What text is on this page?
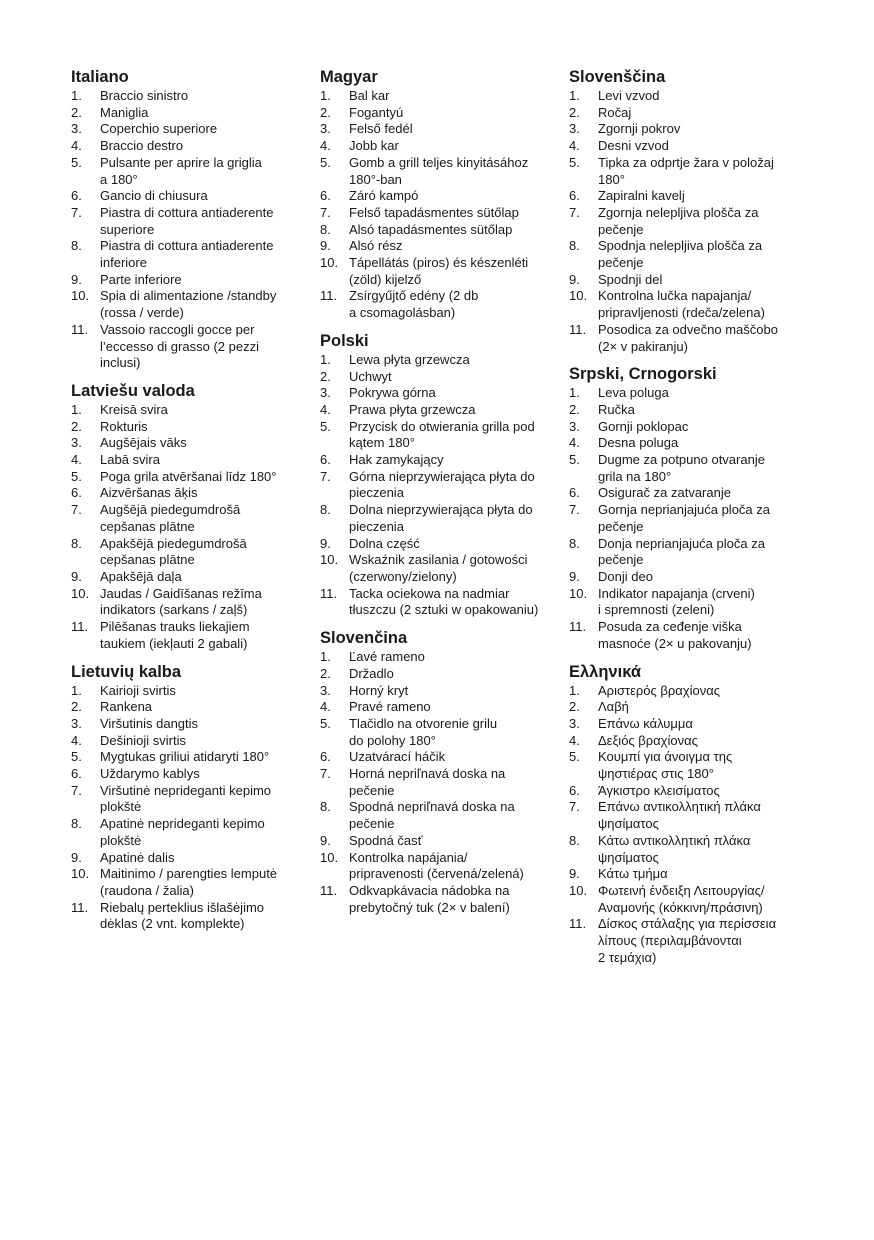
Italiano
1.	Braccio sinistro
2.	Maniglia
3.	Coperchio superiore
4.	Braccio destro
5.	Pulsante per aprire la griglia
a 180°
6.	Gancio di chiusura
7.	Piastra di cottura antiaderente
superiore
8.	Piastra di cottura antiaderente
inferiore
9.	Parte inferiore
10. Spia di alimentazione /standby
(rossa / verde)
11. Vassoio raccogli gocce per
l’eccesso di grasso (2 pezzi
inclusi)
Latviešu valoda
1.	Kreisā svira
2.	Rokturis
3.	Augšējais vāks
4.	Labā svira
5.	Poga grila atvēršanai līdz 180°
6.	Aizvēršanas āķis
7.	Augšējā piedegumdrošā
cepšanas plātne
8.	Apakšējā piedegumdrošā
cepšanas plātne
9.	Apakšējā daļa
10. Jaudas / Gaidīšanas režīma
indikators (sarkans / zaļš)
11. Pilēšanas trauks liekajiem
taukiem (iekļauti 2 gabali)
Lietuvių kalba
1.	Kairioji svirtis
2.	Rankena
3.	Viršutinis dangtis
4.	Dešinioji svirtis
5.	Mygtukas griliui atidaryti 180°
6.	Uždarymo kablys
7.	Viršutinė neprideganti kepimo
plokštė
8.	Apatinė neprideganti kepimo
plokštė
9.	Apatinė dalis
10. Maitinimo / parengties lemputė
(raudona / žalia)
11. Riebalų perteklius išlašėjimo
dėklas (2 vnt. komplekte)
Magyar
1.	Bal kar
2.	Fogantyú
3.	Felső fedél
4.	Jobb kar
5.	Gomb a grill teljes kinyitásához
180°-ban
6.	Záró kampó
7.	Felső tapadásmentes sütőlap
8.	Alsó tapadásmentes sütőlap
9.	Alsó rész
10. Tápellátás (piros) és készenléti
(zöld) kijelző
11. Zsírgyűjtő edény (2 db
a csomagolásban)
Polski
1.	Lewa płyta grzewcza
2.	Uchwyt
3.	Pokrywa górna
4.	Prawa płyta grzewcza
5.	Przycisk do otwierania grilla pod
kątem 180°
6.	Hak zamykający
7.	Górna nieprzywierająca płyta do
pieczenia
8.	Dolna nieprzywierająca płyta do
pieczenia
9.	Dolna część
10. Wskaźnik zasilania / gotowości
(czerwony/zielony)
11. Tacka ociekowa na nadmiar
tłuszczu (2 sztuki w opakowaniu)
Slovenčina
1.	Ľavé rameno
2.	Držadlo
3.	Horný kryt
4.	Pravé rameno
5.	Tlačidlo na otvorenie grilu
do polohy 180°
6.	Uzatvárací háčik
7.	Horná nepriľnavá doska na
pečenie
8.	Spodná nepriľnavá doska na
pečenie
9.	Spodná časť
10. Kontrolka napájania/
pripravenosti (červená/zelená)
11. Odkvapkávacia nádobka na
prebytočný tuk (2× v balení)
Slovenščina
1.	Levi vzvod
2.	Ročaj
3.	Zgornji pokrov
4.	Desni vzvod
5.	Tipka za odprtje žara v položaj
180°
6.	Zapiralni kavelj
7.	Zgornja nelepljiva plošča za
pečenje
8.	Spodnja nelepljiva plošča za
pečenje
9.	Spodnji del
10. Kontrolna lučka napajanja/
pripravljenosti (rdeča/zelena)
11. Posodica za odvečno maščobo
(2× v pakiranju)
Srpski, Crnogorski
1.	Leva poluga
2.	Ručka
3.	Gornji poklopac
4.	Desna poluga
5.	Dugme za potpuno otvaranje
grila na 180°
6.	Osigurač za zatvaranje
7.	Gornja neprianjajuća ploča za
pečenje
8.	Donja neprianjajuća ploča za
pečenje
9.	Donji deo
10. Indikator napajanja (crveni)
i spremnosti (zeleni)
11. Posuda za ceđenje viška
masnoće (2× u pakovanju)
Ελληνικά
1.	Αριστερός βραχίονας
2.	Λαβή
3.	Επάνω κάλυμμα
4.	Δεξιός βραχίονας
5.	Κουμπί για άνοιγμα της
ψηστιέρας στις 180°
6.	Άγκιστρο κλεισίματος
7.	Επάνω αντικολλητική πλάκα
ψησίματος
8.	Κάτω αντικολλητική πλάκα
ψησίματος
9.	Κάτω τμήμα
10. Φωτεινή ένδειξη Λειτουργίας/
Αναμονής (κόκκινη/πράσινη)
11. Δίσκος στάλαξης για περίσσεια
λίπους (περιλαμβάνονται
2 τεμάχια)
